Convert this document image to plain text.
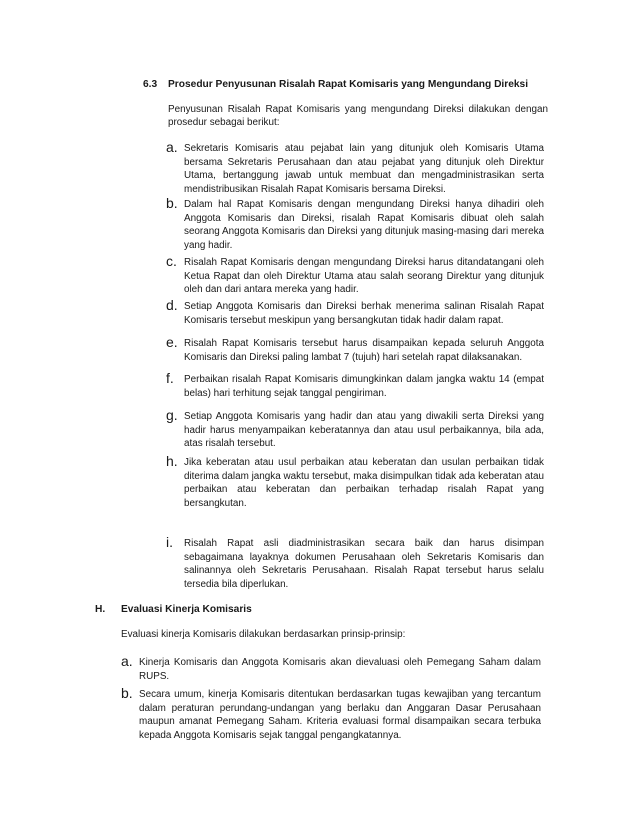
6.3 Prosedur Penyusunan Risalah Rapat Komisaris yang Mengundang Direksi
Penyusunan Risalah Rapat Komisaris yang mengundang Direksi dilakukan dengan prosedur sebagai berikut:
a. Sekretaris Komisaris atau pejabat lain yang ditunjuk oleh Komisaris Utama bersama Sekretaris Perusahaan dan atau pejabat yang ditunjuk oleh Direktur Utama, bertanggung jawab untuk membuat dan mengadministrasikan serta mendistribusikan Risalah Rapat Komisaris bersama Direksi.
b. Dalam hal Rapat Komisaris dengan mengundang Direksi hanya dihadiri oleh Anggota Komisaris dan Direksi, risalah Rapat Komisaris dibuat oleh salah seorang Anggota Komisaris dan Direksi yang ditunjuk masing-masing dari mereka yang hadir.
c. Risalah Rapat Komisaris dengan mengundang Direksi harus ditandatangani oleh Ketua Rapat dan oleh Direktur Utama atau salah seorang Direktur yang ditunjuk oleh dan dari antara mereka yang hadir.
d. Setiap Anggota Komisaris dan Direksi berhak menerima salinan Risalah Rapat Komisaris tersebut meskipun yang bersangkutan tidak hadir dalam rapat.
e. Risalah Rapat Komisaris tersebut harus disampaikan kepada seluruh Anggota Komisaris dan Direksi paling lambat 7 (tujuh) hari setelah rapat dilaksanakan.
f. Perbaikan risalah Rapat Komisaris dimungkinkan dalam jangka waktu 14 (empat belas) hari terhitung sejak tanggal pengiriman.
g. Setiap Anggota Komisaris yang hadir dan atau yang diwakili serta Direksi yang hadir harus menyampaikan keberatannya dan atau usul perbaikannya, bila ada, atas risalah tersebut.
h. Jika keberatan atau usul perbaikan atau keberatan dan usulan perbaikan tidak diterima dalam jangka waktu tersebut, maka disimpulkan tidak ada keberatan atau perbaikan atau keberatan dan perbaikan terhadap risalah Rapat yang bersangkutan.
i. Risalah Rapat asli diadministrasikan secara baik dan harus disimpan sebagaimana layaknya dokumen Perusahaan oleh Sekretaris Komisaris dan salinannya oleh Sekretaris Perusahaan. Risalah Rapat tersebut harus selalu tersedia bila diperlukan.
H. Evaluasi Kinerja Komisaris
Evaluasi kinerja Komisaris dilakukan berdasarkan prinsip-prinsip:
a. Kinerja Komisaris dan Anggota Komisaris akan dievaluasi oleh Pemegang Saham dalam RUPS.
b. Secara umum, kinerja Komisaris ditentukan berdasarkan tugas kewajiban yang tercantum dalam peraturan perundang-undangan yang berlaku dan Anggaran Dasar Perusahaan maupun amanat Pemegang Saham. Kriteria evaluasi formal disampaikan secara terbuka kepada Anggota Komisaris sejak tanggal pengangkatannya.
